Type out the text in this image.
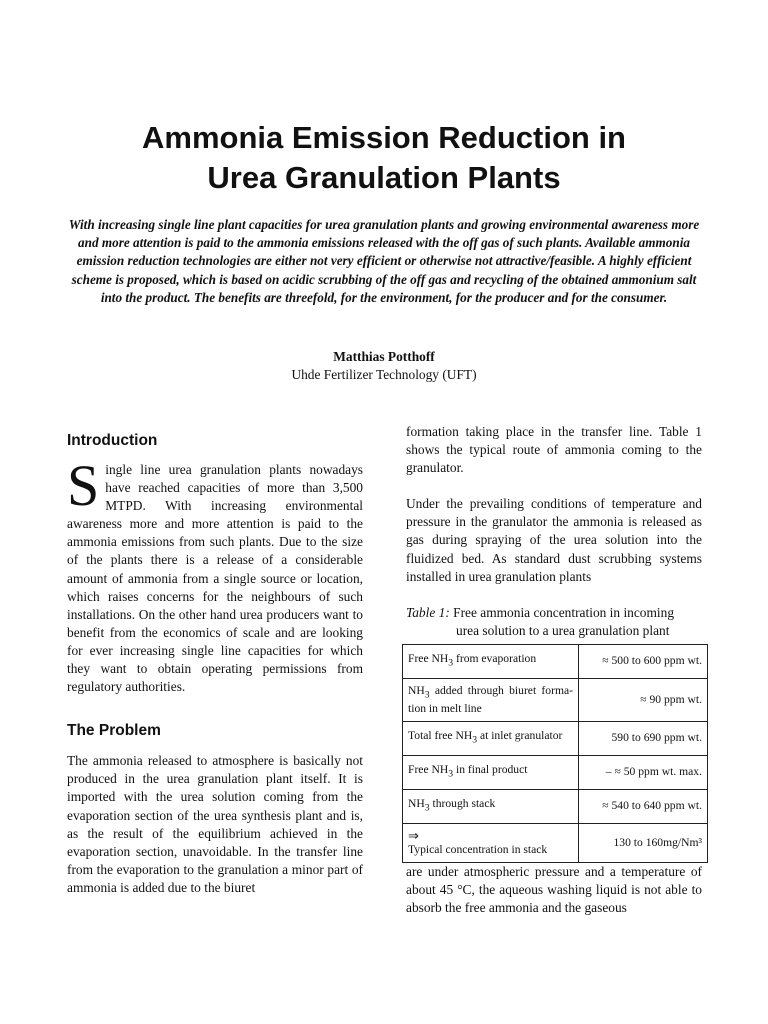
Ammonia Emission Reduction in
Urea Granulation Plants
With increasing single line plant capacities for urea granulation plants and growing environmental awareness more and more attention is paid to the ammonia emissions released with the off gas of such plants. Available ammonia emission reduction technologies are either not very efficient or otherwise not attractive/feasible. A highly efficient scheme is proposed, which is based on acidic scrubbing of the off gas and recycling of the obtained ammonium salt into the product. The benefits are threefold, for the environment, for the producer and for the consumer.
Matthias Potthoff
Uhde Fertilizer Technology (UFT)
Introduction

Single line urea granulation plants nowadays have reached capacities of more than 3,500 MTPD. With increasing environmental awareness more and more attention is paid to the ammonia emissions from such plants. Due to the size of the plants there is a release of a considerable amount of ammonia from a single source or location, which raises concerns for the neighbours of such installations. On the other hand urea producers want to benefit from the economics of scale and are looking for ever increasing single line capacities for which they want to obtain operating permissions from regulatory authorities.

The Problem

The ammonia released to atmosphere is basically not produced in the urea granulation plant itself. It is imported with the urea solution coming from the evaporation section of the urea synthesis plant and is, as the result of the equilibrium achieved in the evaporation section, unavoidable. In the transfer line from the evaporation to the granulation a minor part of ammonia is added due to the biuret

formation taking place in the transfer line. Table 1 shows the typical route of ammonia coming to the granulator.

Under the prevailing conditions of temperature and pressure in the granulator the ammonia is released as gas during spraying of the urea solution into the fluidized bed. As standard dust scrubbing systems installed in urea granulation plants

Table 1: Free ammonia concentration in incoming
urea solution to a urea granulation plant
Free $NH_3$ from evaporation	≈ 500 to 600 ppm wt.
$NH_3$ added through biuret formation in melt line	≈ 90 ppm wt.
Total free $NH_3$ at inlet granulator	590 to 690 ppm wt.
Free $NH_3$ in final product	– ≈ 50 ppm wt. max.
$NH_3$ through stack	≈ 540 to 640 ppm wt.

⇒
Typical concentration in stack	130 to 160mg/Nm³

are under atmospheric pressure and a temperature of about 45 °C, the aqueous washing liquid is not able to absorb the free ammonia and the gaseous
